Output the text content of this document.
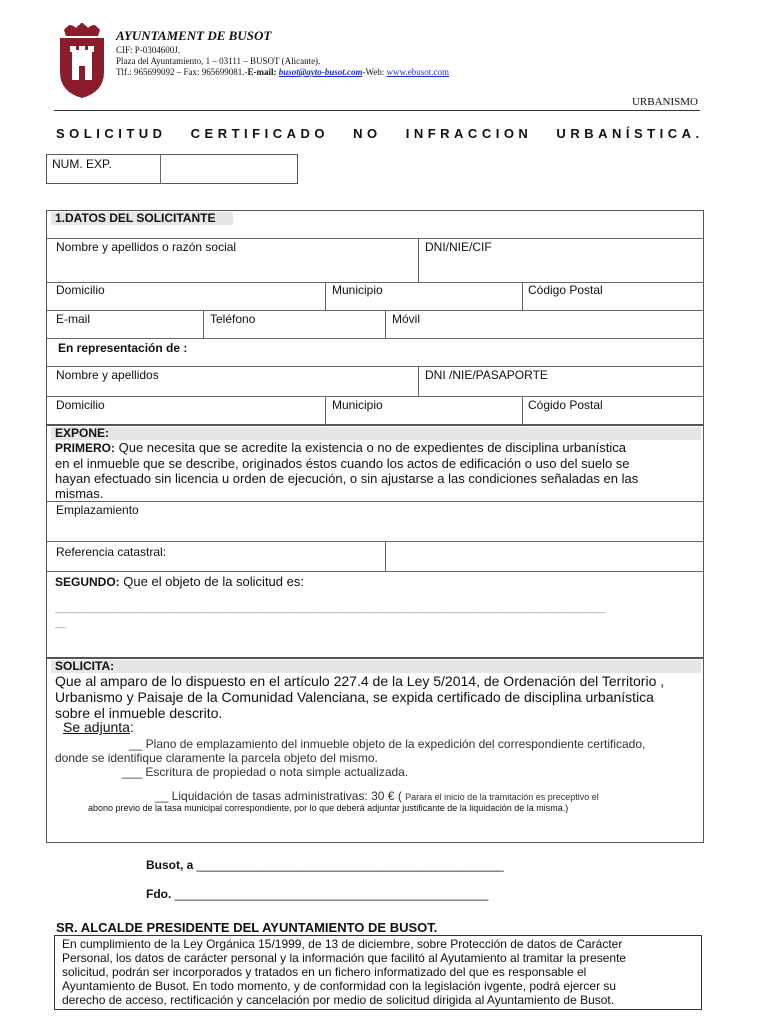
AYUNTAMENT DE BUSOT
CIF: P-0304600J.
Plaza del Ayuntamiento, 1 – 03111 – BUSOT (Alicante).
Tlf.: 965699092 – Fax: 965699081.-E-mail: busot@ayto-busot.com-Web: www.ebusot.com
URBANISMO
SOLICITUD CERTIFICADO NO INFRACCION URBANÍSTICA.
NUM. EXP.
1.DATOS DEL SOLICITANTE
Nombre y apellidos o razón social	DNI/NIE/CIF
Domicilio	Municipio	Código Postal
E-mail	Teléfono	Móvil
En representación de :
Nombre y apellidos	DNI /NIE/PASAPORTE
Domicilio	Municipio	Cógido Postal
EXPONE:
PRIMERO: Que necesita que se acredite la existencia o no de expedientes de disciplina urbanística
en el inmueble que se describe, originados éstos cuando los actos de edificación o uso del suelo se
hayan efectuado sin licencia u orden de ejecución, o sin ajustarse a las condiciones señaladas en las
mismas.
Emplazamiento
Referencia catastral:
SEGUNDO: Que el objeto de la solicitud es:
___________________________________________________________________________________________________
__
SOLICITA:
Que al amparo de lo dispuesto en el artículo 227.4 de la Ley 5/2014, de Ordenación del Territorio ,
Urbanismo y Paisaje de la Comunidad Valenciana, se expida certificado de disciplina urbanística
sobre el inmueble descrito.
Se adjunta:
__ Plano de emplazamiento del inmueble objeto de la expedición del correspondiente certificado,
donde se identifique claramente la parcela objeto del mismo.
___ Escritura de propiedad o nota simple actualizada.
__ Liquidación de tasas administrativas: 30 € ( Parara el inicio de la tramitación es preceptivo el
abono previo de la tasa municipal correspondiente, por lo que deberá adjuntar justificante de la liquidación de la misma.)
Busot, a ______________________________________________
Fdo. _______________________________________________
SR. ALCALDE PRESIDENTE DEL AYUNTAMIENTO DE BUSOT.
En cumplimiento de la Ley Orgánica 15/1999, de 13 de diciembre, sobre Protección de datos de Carácter
Personal, los datos de carácter personal y la información que facilitó al Ayutamiento al tramitar la presente
solicitud, podrán ser incorporados y tratados en un fichero informatizado del que es responsable el
Ayuntamiento de Busot. En todo momento, y de conformidad con la legislación ivgente, podrá ejercer su
derecho de acceso, rectificación y cancelación por medio de solicitud dirigida al Ayuntamiento de Busot.
